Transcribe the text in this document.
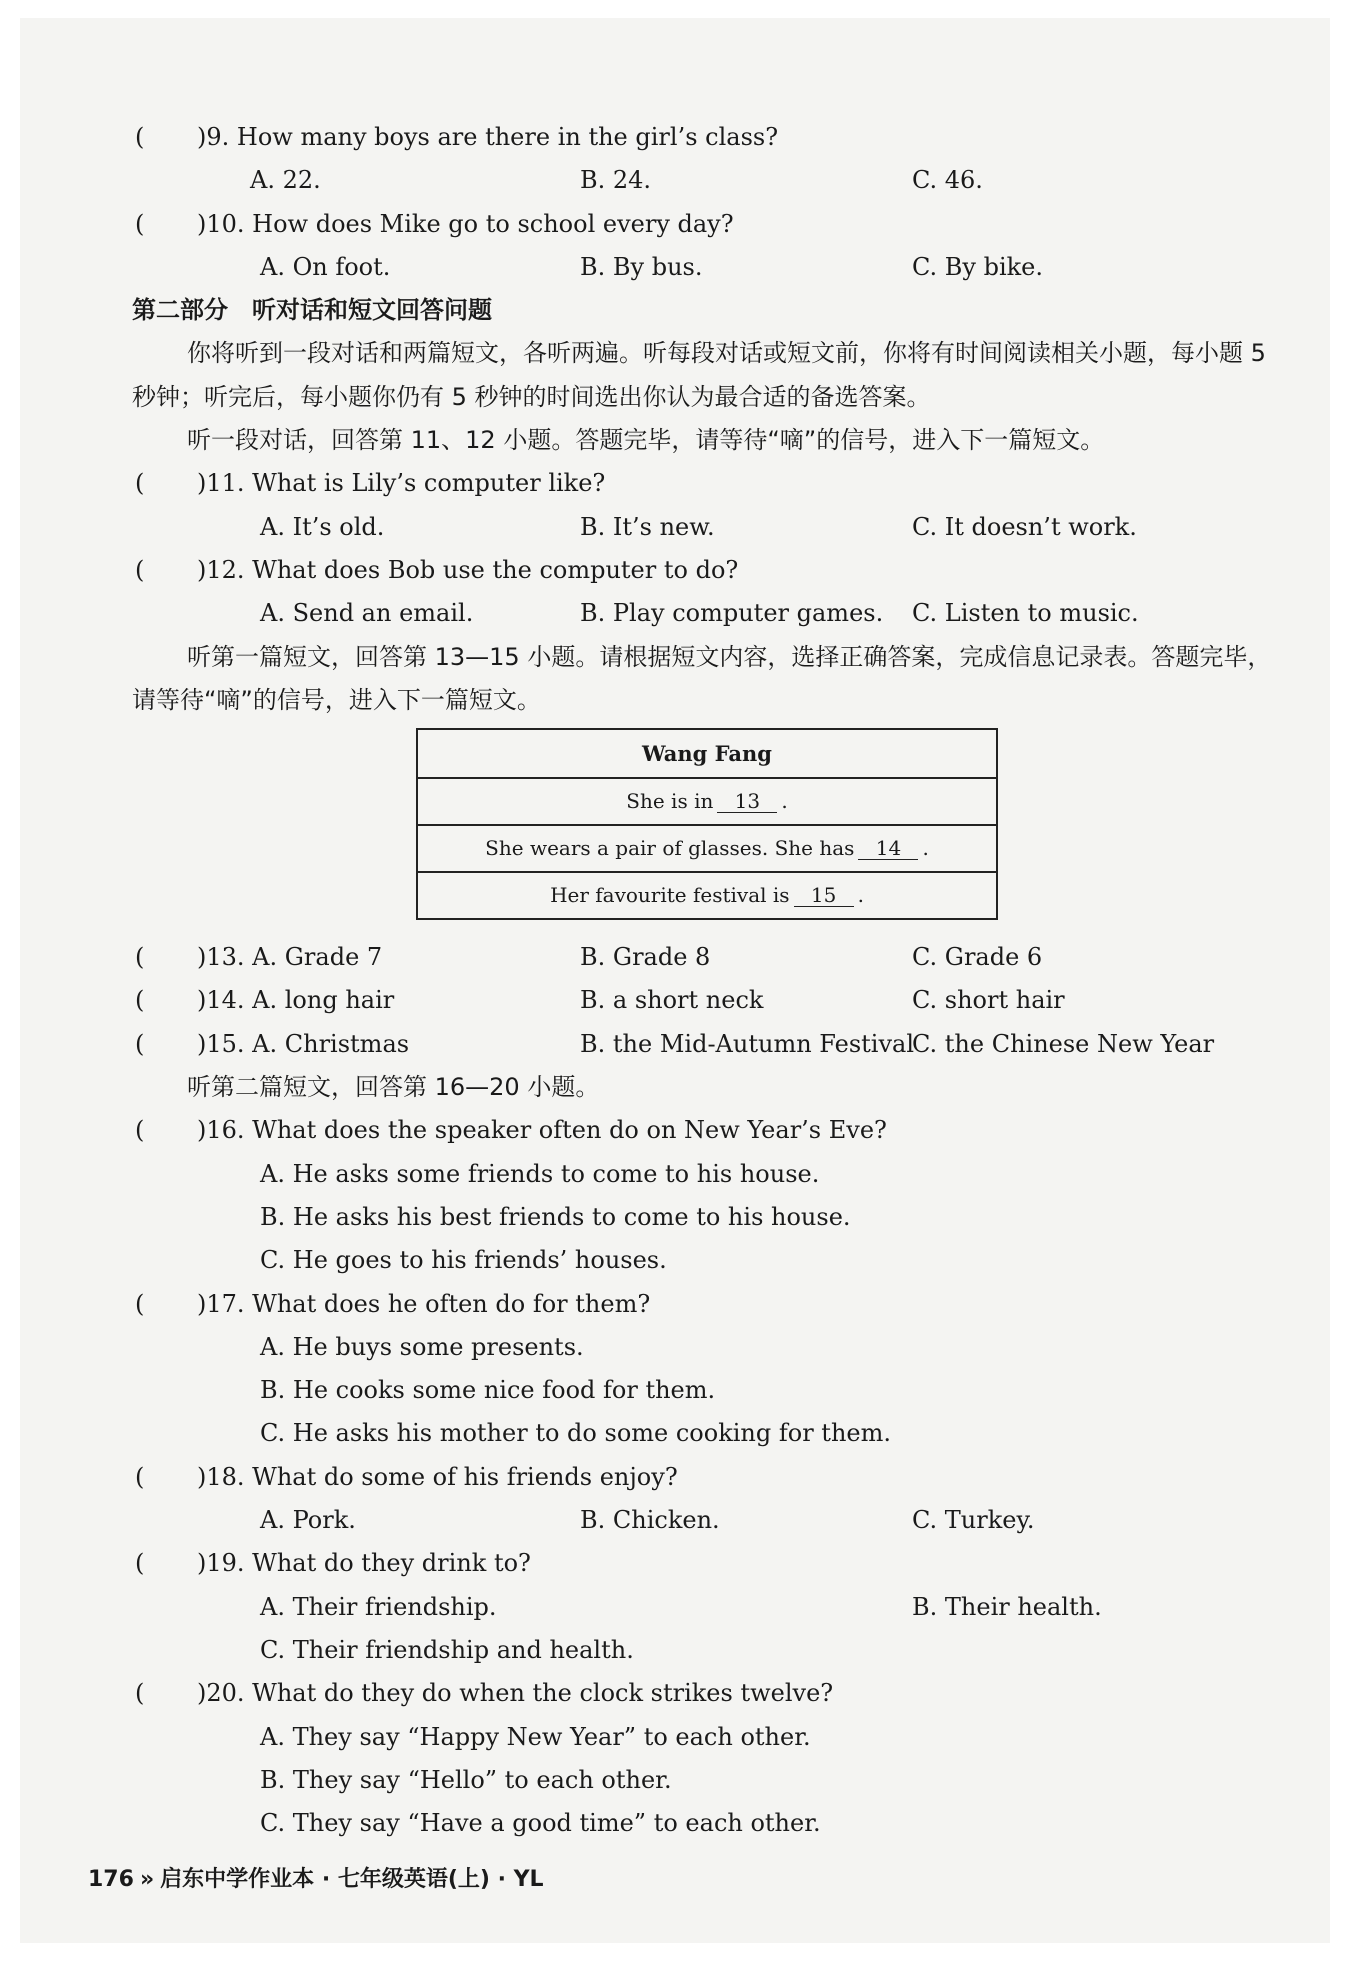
( )9. How many boys are there in the girl’s class?
A. 22.	B. 24.	C. 46.
( )10. How does Mike go to school every day?
A. On foot.	B. By bus.	C. By bike.
第二部分　听对话和短文回答问题
你将听到一段对话和两篇短文，各听两遍。听每段对话或短文前，你将有时间阅读相关小题，每小题 5 秒钟；听完后，每小题你仍有 5 秒钟的时间选出你认为最合适的备选答案。
听一段对话，回答第 11、12 小题。答题完毕，请等待“嘀”的信号，进入下一篇短文。
( )11. What is Lily’s computer like?
A. It’s old.	B. It’s new.	C. It doesn’t work.
( )12. What does Bob use the computer to do?
A. Send an email.	B. Play computer games. C. Listen to music.
听第一篇短文，回答第 13—15 小题。请根据短文内容，选择正确答案，完成信息记录表。答题完毕，请等待“嘀”的信号，进入下一篇短文。
Wang Fang
She is in 13 .
She wears a pair of glasses. She has 14 .
Her favourite festival is 15 .
( )13. A. Grade 7	B. Grade 8	C. Grade 6
( )14. A. long hair	B. a short neck	C. short hair
( )15. A. Christmas	B. the Mid-Autumn Festival
C. the Chinese New Year
听第二篇短文，回答第 16—20 小题。
( )16. What does the speaker often do on New Year’s Eve?
A. He asks some friends to come to his house.
B. He asks his best friends to come to his house.
C. He goes to his friends’ houses.
( )17. What does he often do for them?
A. He buys some presents.
B. He cooks some nice food for them.
C. He asks his mother to do some cooking for them.
( )18. What do some of his friends enjoy?
A. Pork.	B. Chicken.	C. Turkey.
( )19. What do they drink to?
A. Their friendship.	B. Their health.
C. Their friendship and health.
( )20. What do they do when the clock strikes twelve?
A. They say “Happy New Year” to each other.
B. They say “Hello” to each other.
C. They say “Have a good time” to each other.
176 » 启东中学作业本 · 七年级英语(上) · YL
